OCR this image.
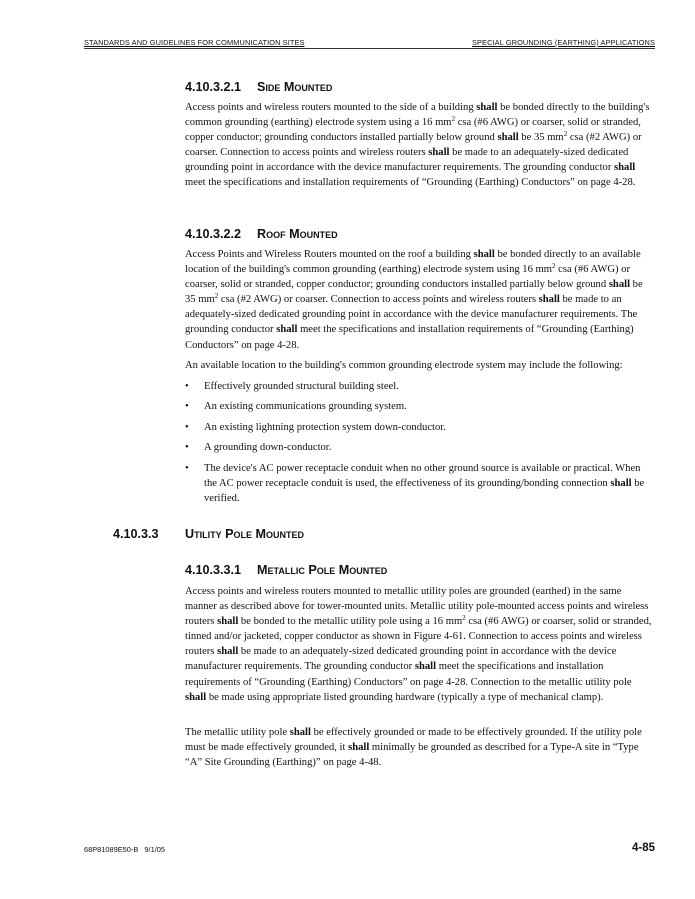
STANDARDS AND GUIDELINES FOR COMMUNICATION SITES	SPECIAL GROUNDING (EARTHING) APPLICATIONS
4.10.3.2.1 Side Mounted

Access points and wireless routers mounted to the side of a building shall be bonded directly to the building's common grounding (earthing) electrode system using a 16 $mm^2$ csa (#6 AWG) or coarser, solid or stranded, copper conductor; grounding conductors installed partially below ground shall be 35 $mm^2$ csa (#2 AWG) or coarser. Connection to access points and wireless routers shall be made to an adequately-sized dedicated grounding point in accordance with the device manufacturer requirements. The grounding conductor shall meet the specifications and installation requirements of “Grounding (Earthing) Conductors” on page 4-28.

4.10.3.2.2 Roof Mounted

Access Points and Wireless Routers mounted on the roof a building shall be bonded directly to an available location of the building's common grounding (earthing) electrode system using 16 $mm^2$ csa (#6 AWG) or coarser, solid or stranded, copper conductor; grounding conductors installed partially below ground shall be 35 $mm^2$ csa (#2 AWG) or coarser. Connection to access points and wireless routers shall be made to an adequately-sized dedicated grounding point in accordance with the device manufacturer requirements. The grounding conductor shall meet the specifications and installation requirements of “Grounding (Earthing) Conductors” on page 4-28.

An available location to the building's common grounding electrode system may include the following:

• Effectively grounded structural building steel.
• An existing communications grounding system.
• An existing lightning protection system down-conductor.
• A grounding down-conductor.
• The device's AC power receptacle conduit when no other ground source is available or practical. When the AC power receptacle conduit is used, the effectiveness of its grounding/bonding connection shall be verified.
4.10.3.3 Utility Pole Mounted
4.10.3.3.1 Metallic Pole Mounted

Access points and wireless routers mounted to metallic utility poles are grounded (earthed) in the same manner as described above for tower-mounted units. Metallic utility pole-mounted access points and wireless routers shall be bonded to the metallic utility pole using a 16 $mm^2$ csa (#6 AWG) or coarser, solid or stranded, tinned and/or jacketed, copper conductor as shown in Figure 4-61. Connection to access points and wireless routers shall be made to an adequately-sized dedicated grounding point in accordance with the device manufacturer requirements. The grounding conductor shall meet the specifications and installation requirements of “Grounding (Earthing) Conductors” on page 4-28. Connection to the metallic utility pole shall be made using appropriate listed grounding hardware (typically a type of mechanical clamp).

The metallic utility pole shall be effectively grounded or made to be effectively grounded. If the utility pole must be made effectively grounded, it shall minimally be grounded as described for a Type-A site in “Type “A” Site Grounding (Earthing)” on page 4-48.

68P81089E50-B 9/1/05	4-85
